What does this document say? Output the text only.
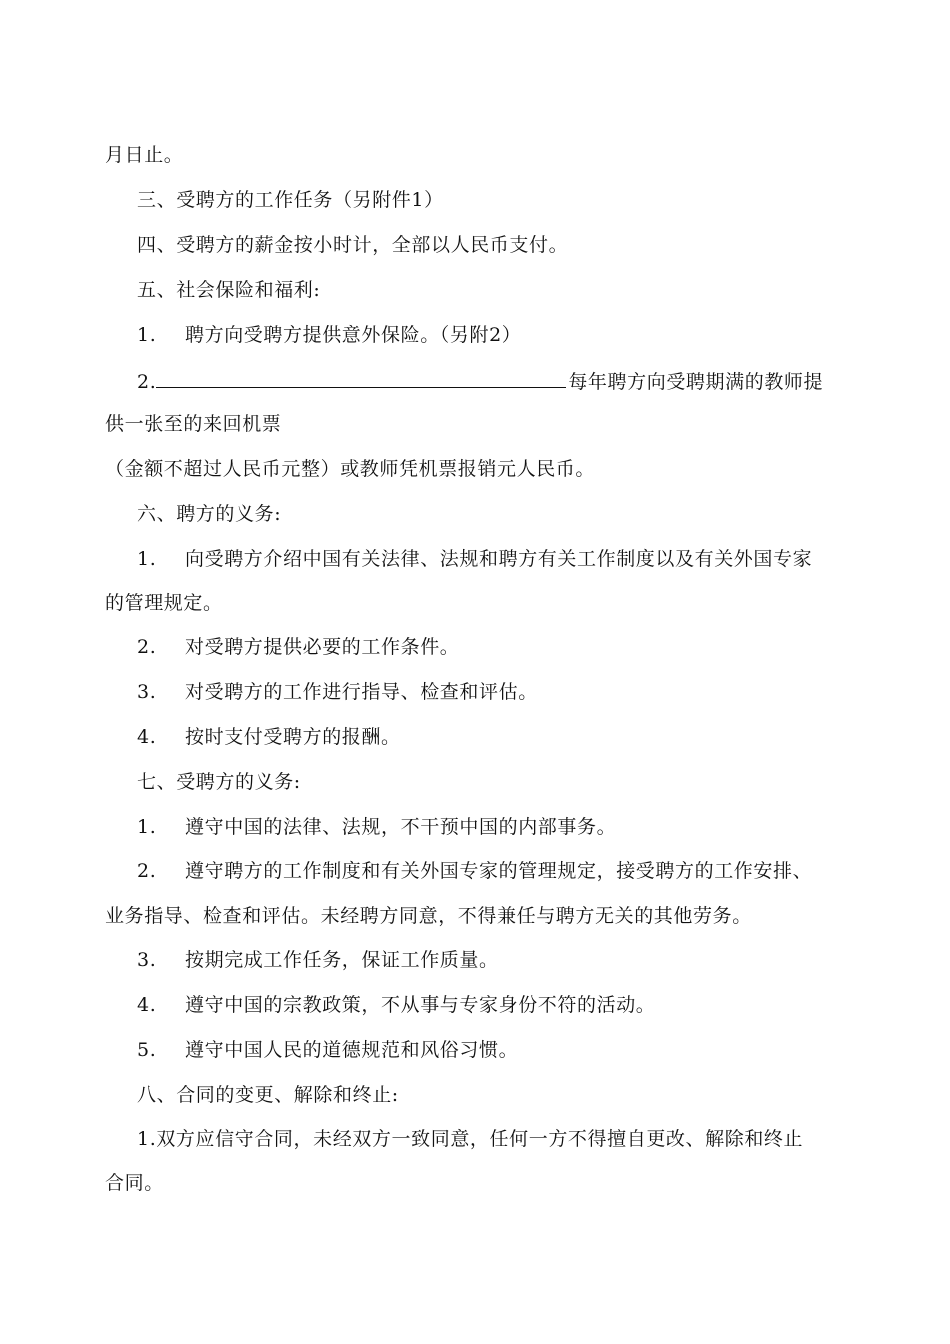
月日止。

三、受聘方的工作任务（另附件1）

四、受聘方的薪金按小时计，全部以人民币支付。

五、社会保险和福利:

1. 聘方向受聘方提供意外保险。（另附2）

2.	每年聘方向受聘期满的教师提

供一张至的来回机票

（金额不超过人民币元整）或教师凭机票报销元人民币。

六、聘方的义务:

1. 向受聘方介绍中国有关法律、法规和聘方有关工作制度以及有关外国专家

的管理规定。

2. 对受聘方提供必要的工作条件。

3. 对受聘方的工作进行指导、检查和评估。

4. 按时支付受聘方的报酬。

七、受聘方的义务:

1. 遵守中国的法律、法规，不干预中国的内部事务。

2. 遵守聘方的工作制度和有关外国专家的管理规定，接受聘方的工作安排、

业务指导、检查和评估。未经聘方同意，不得兼任与聘方无关的其他劳务。

3. 按期完成工作任务，保证工作质量。

4. 遵守中国的宗教政策，不从事与专家身份不符的活动。

5. 遵守中国人民的道德规范和风俗习惯。

八、合同的变更、解除和终止:

1.双方应信守合同，未经双方一致同意，任何一方不得擅自更改、解除和终止

合同。
